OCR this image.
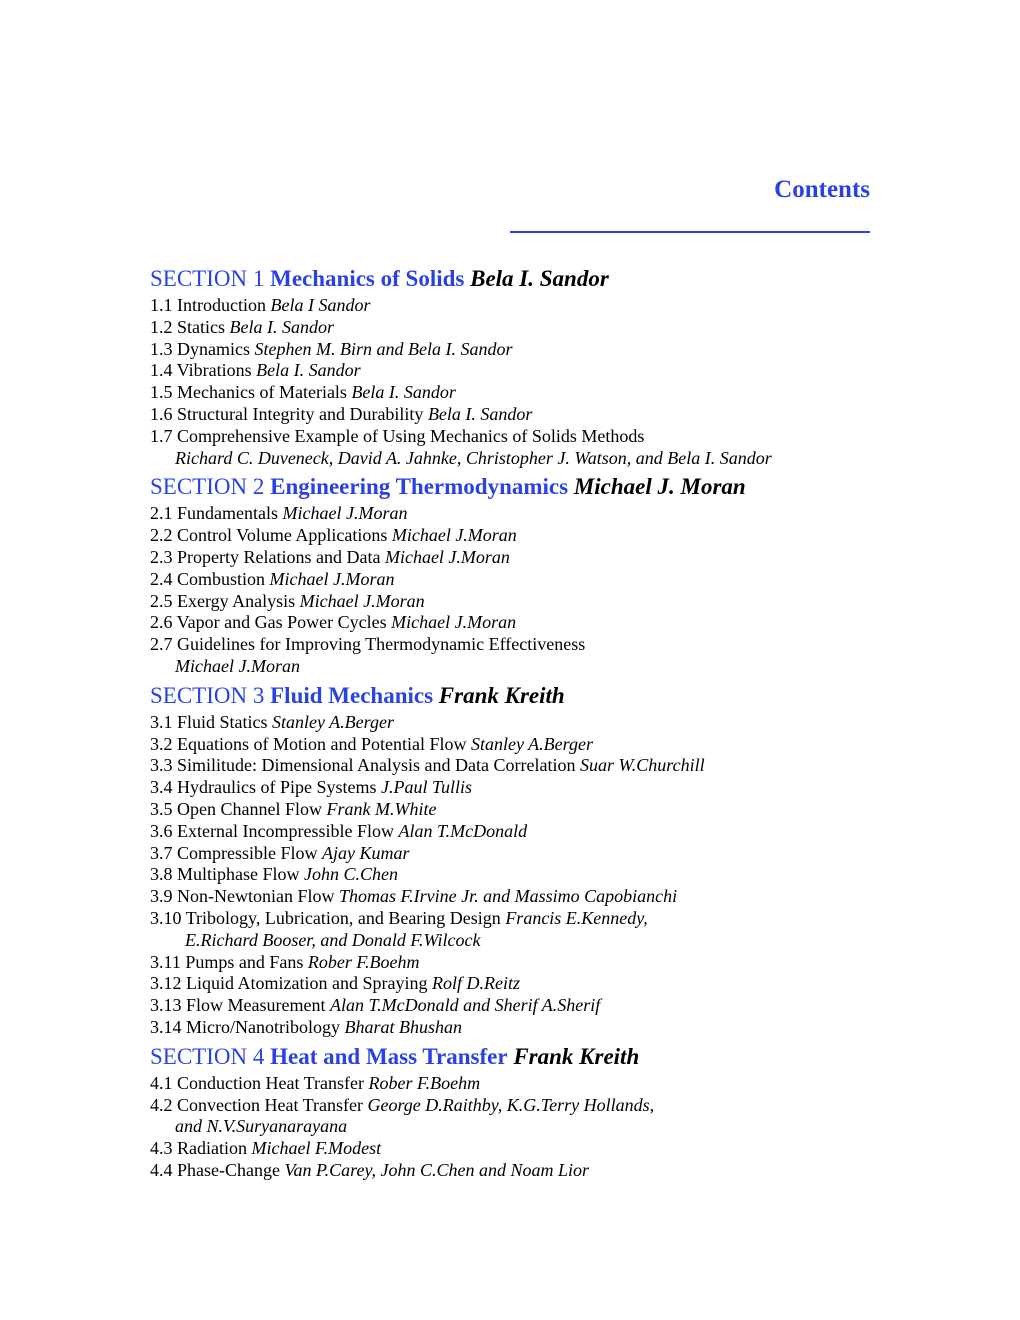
Contents
SECTION 1 Mechanics of Solids Bela I. Sandor
1.1 Introduction Bela I Sandor
1.2 Statics Bela I. Sandor
1.3 Dynamics Stephen M. Birn and Bela I. Sandor
1.4 Vibrations Bela I. Sandor
1.5 Mechanics of Materials Bela I. Sandor
1.6 Structural Integrity and Durability Bela I. Sandor
1.7 Comprehensive Example of Using Mechanics of Solids Methods
Richard C. Duveneck, David A. Jahnke, Christopher J. Watson, and Bela I. Sandor
SECTION 2 Engineering Thermodynamics Michael J. Moran
2.1 Fundamentals Michael J.Moran
2.2 Control Volume Applications Michael J.Moran
2.3 Property Relations and Data Michael J.Moran
2.4 Combustion Michael J.Moran
2.5 Exergy Analysis Michael J.Moran
2.6 Vapor and Gas Power Cycles Michael J.Moran
2.7 Guidelines for Improving Thermodynamic Effectiveness
Michael J.Moran
SECTION 3 Fluid Mechanics Frank Kreith
3.1 Fluid Statics Stanley A.Berger
3.2 Equations of Motion and Potential Flow Stanley A.Berger
3.3 Similitude: Dimensional Analysis and Data Correlation Suar W.Churchill
3.4 Hydraulics of Pipe Systems J.Paul Tullis
3.5 Open Channel Flow Frank M.White
3.6 External Incompressible Flow Alan T.McDonald
3.7 Compressible Flow Ajay Kumar
3.8 Multiphase Flow John C.Chen
3.9 Non-Newtonian Flow Thomas F.Irvine Jr. and Massimo Capobianchi
3.10 Tribology, Lubrication, and Bearing Design Francis E.Kennedy,
E.Richard Booser, and Donald F.Wilcock
3.11 Pumps and Fans Rober F.Boehm
3.12 Liquid Atomization and Spraying Rolf D.Reitz
3.13 Flow Measurement Alan T.McDonald and Sherif A.Sherif
3.14 Micro/Nanotribology Bharat Bhushan
SECTION 4 Heat and Mass Transfer Frank Kreith
4.1 Conduction Heat Transfer Rober F.Boehm
4.2 Convection Heat Transfer George D.Raithby, K.G.Terry Hollands,
and N.V.Suryanarayana
4.3 Radiation Michael F.Modest
4.4 Phase-Change Van P.Carey, John C.Chen and Noam Lior
